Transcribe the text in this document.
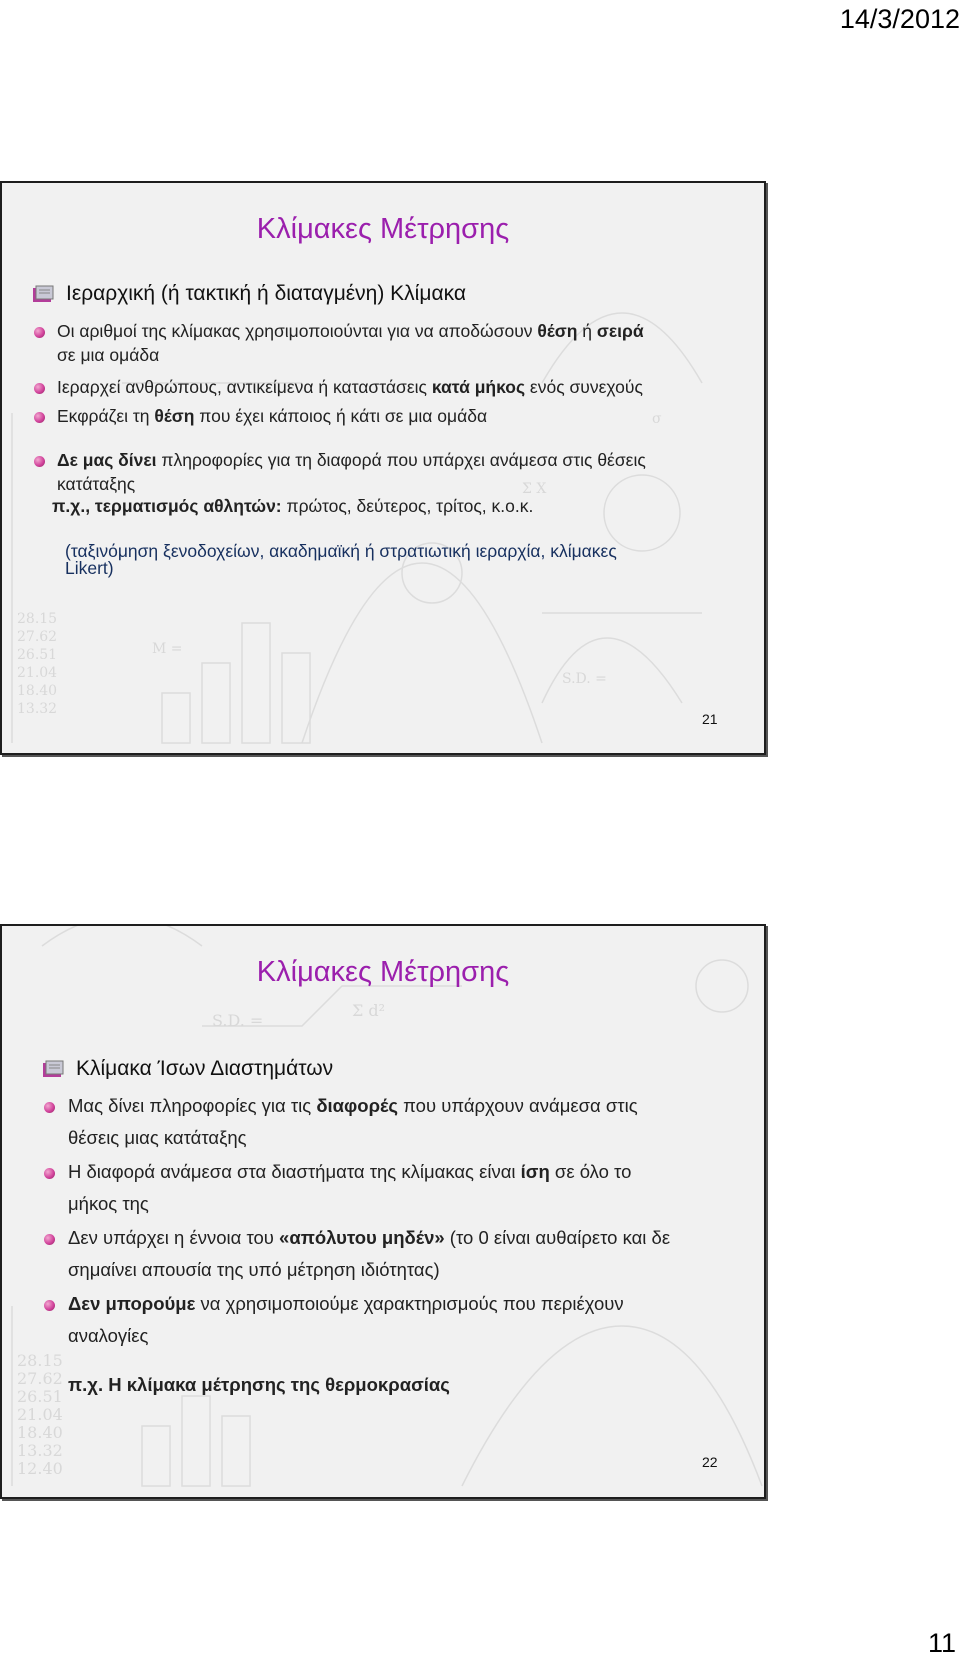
14/3/2012
M =
S.D. =
Σ X
28.15
27.62
26.51
21.04
18.40
13.32
σ
Κλίμακες Μέτρησης
Ιεραρχική (ή τακτική ή διαταγμένη) Κλίμακα
Οι αριθμοί της κλίμακας χρησιμοποιούνται για να αποδώσουν θέση ή σειρά
σε μια ομάδα
Ιεραρχεί ανθρώπους, αντικείμενα ή καταστάσεις κατά μήκος ενός συνεχούς
Εκφράζει τη θέση που έχει κάποιος ή κάτι σε μια ομάδα
Δε μας δίνει πληροφορίες για τη διαφορά που υπάρχει ανάμεσα στις θέσεις
κατάταξης
π.χ., τερματισμός αθλητών: πρώτος, δεύτερος, τρίτος, κ.ο.κ.
(ταξινόμηση ξενοδοχείων, ακαδημαϊκή ή στρατιωτική ιεραρχία, κλίμακες
Likert)
21
S.D. =
Σ d²
28.15
27.62
26.51
21.04
18.40
13.32
12.40
Κλίμακες Μέτρησης
Κλίμακα Ίσων Διαστημάτων
Μας δίνει πληροφορίες για τις διαφορές που υπάρχουν ανάμεσα στις
θέσεις μιας κατάταξης
Η διαφορά ανάμεσα στα διαστήματα της κλίμακας είναι ίση σε όλο το
μήκος της
Δεν υπάρχει η έννοια του «απόλυτου μηδέν» (το 0 είναι αυθαίρετο και δε
σημαίνει απουσία της υπό μέτρηση ιδιότητας)
Δεν μπορούμε να χρησιμοποιούμε χαρακτηρισμούς που περιέχουν
αναλογίες
π.χ. Η κλίμακα μέτρησης της θερμοκρασίας
22
11
